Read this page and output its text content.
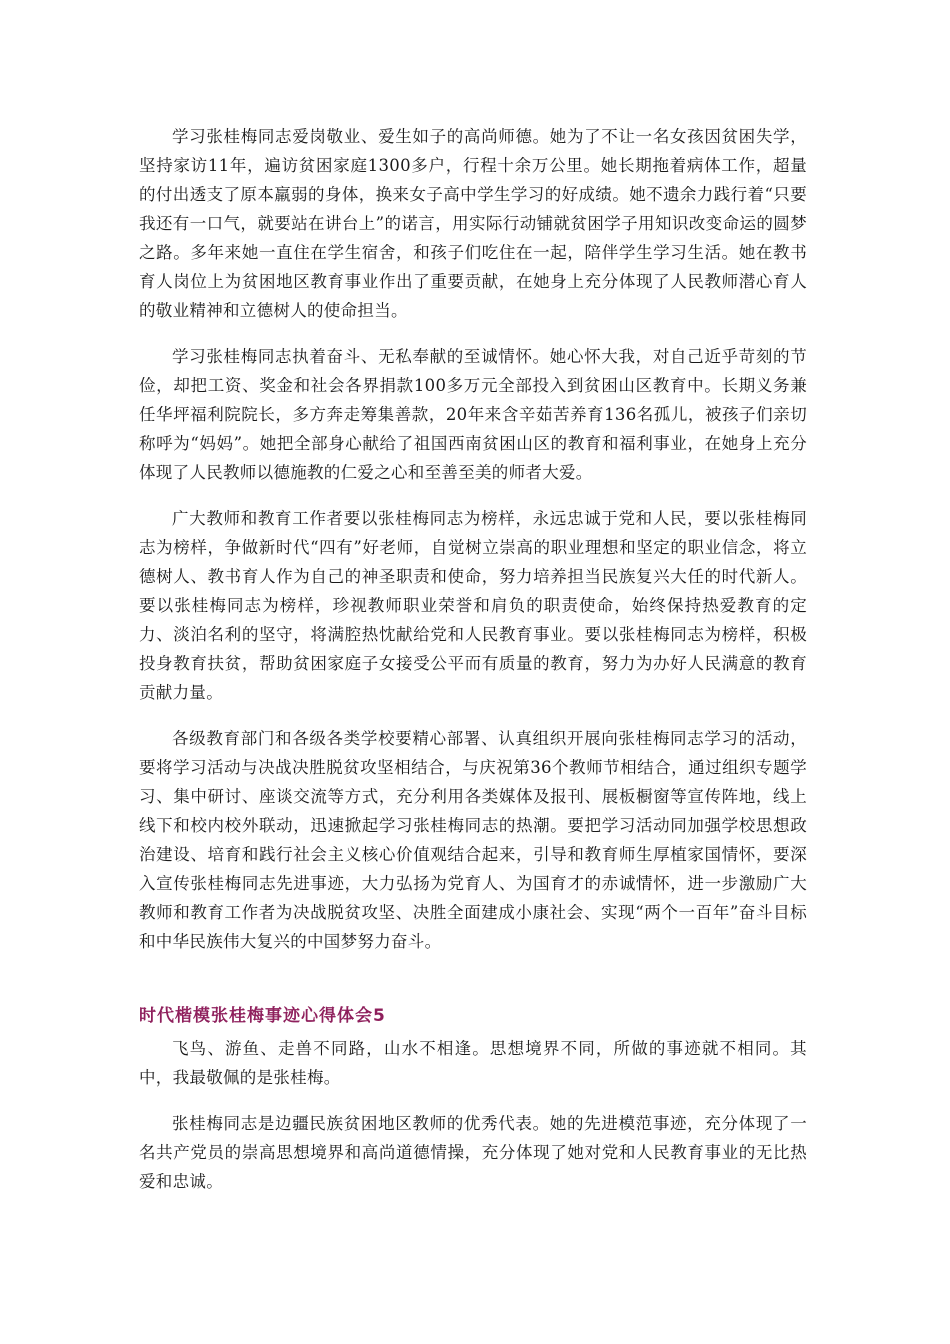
学习张桂梅同志爱岗敬业、爱生如子的高尚师德。她为了不让一名女孩因贫困失学，坚持家访11年，遍访贫困家庭1300多户，行程十余万公里。她长期拖着病体工作，超量的付出透支了原本羸弱的身体，换来女子高中学生学习的好成绩。她不遗余力践行着“只要我还有一口气，就要站在讲台上”的诺言，用实际行动铺就贫困学子用知识改变命运的圆梦之路。多年来她一直住在学生宿舍，和孩子们吃住在一起，陪伴学生学习生活。她在教书育人岗位上为贫困地区教育事业作出了重要贡献，在她身上充分体现了人民教师潜心育人的敬业精神和立德树人的使命担当。

学习张桂梅同志执着奋斗、无私奉献的至诚情怀。她心怀大我，对自己近乎苛刻的节俭，却把工资、奖金和社会各界捐款100多万元全部投入到贫困山区教育中。长期义务兼任华坪福利院院长，多方奔走筹集善款，20年来含辛茹苦养育136名孤儿，被孩子们亲切称呼为“妈妈”。她把全部身心献给了祖国西南贫困山区的教育和福利事业，在她身上充分体现了人民教师以德施教的仁爱之心和至善至美的师者大爱。

广大教师和教育工作者要以张桂梅同志为榜样，永远忠诚于党和人民，要以张桂梅同志为榜样，争做新时代“四有”好老师，自觉树立崇高的职业理想和坚定的职业信念，将立德树人、教书育人作为自己的神圣职责和使命，努力培养担当民族复兴大任的时代新人。要以张桂梅同志为榜样，珍视教师职业荣誉和肩负的职责使命，始终保持热爱教育的定力、淡泊名利的坚守，将满腔热忱献给党和人民教育事业。要以张桂梅同志为榜样，积极投身教育扶贫，帮助贫困家庭子女接受公平而有质量的教育，努力为办好人民满意的教育贡献力量。

各级教育部门和各级各类学校要精心部署、认真组织开展向张桂梅同志学习的活动，要将学习活动与决战决胜脱贫攻坚相结合，与庆祝第36个教师节相结合，通过组织专题学习、集中研讨、座谈交流等方式，充分利用各类媒体及报刊、展板橱窗等宣传阵地，线上线下和校内校外联动，迅速掀起学习张桂梅同志的热潮。要把学习活动同加强学校思想政治建设、培育和践行社会主义核心价值观结合起来，引导和教育师生厚植家国情怀，要深入宣传张桂梅同志先进事迹，大力弘扬为党育人、为国育才的赤诚情怀，进一步激励广大教师和教育工作者为决战脱贫攻坚、决胜全面建成小康社会、实现“两个一百年”奋斗目标和中华民族伟大复兴的中国梦努力奋斗。

时代楷模张桂梅事迹心得体会5

飞鸟、游鱼、走兽不同路，山水不相逢。思想境界不同，所做的事迹就不相同。其中，我最敬佩的是张桂梅。

张桂梅同志是边疆民族贫困地区教师的优秀代表。她的先进模范事迹，充分体现了一名共产党员的崇高思想境界和高尚道德情操，充分体现了她对党和人民教育事业的无比热爱和忠诚。
